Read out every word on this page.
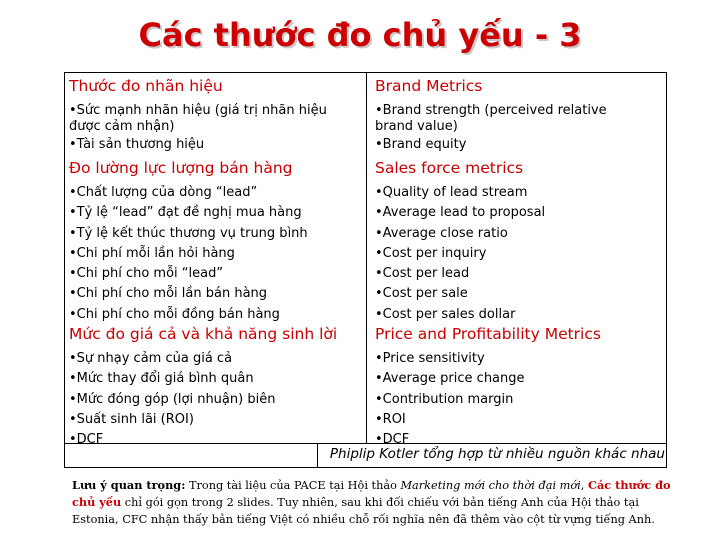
Các thước đo chủ yếu - 3
Thước đo nhãn hiệu
•Sức mạnh nhãn hiệu (giá trị nhãn hiệu
được cảm nhận)
•Tài sản thương hiệu
Đo lường lực lượng bán hàng
•Chất lượng của dòng “lead”
•Tỷ lệ “lead” đạt đề nghị mua hàng
•Tỷ lệ kết thúc thương vụ trung bình
•Chi phí mỗi lần hỏi hàng
•Chi phí cho mỗi “lead”
•Chi phí cho mỗi lần bán hàng
•Chi phí cho mỗi đồng bán hàng
Mức đo giá cả và khả năng sinh lời
•Sự nhạy cảm của giá cả
•Mức thay đổi giá bình quân
•Mức đóng góp (lợi nhuận) biên
•Suất sinh lãi (ROI)
•DCF
Brand Metrics
•Brand strength (perceived relative
brand value)
•Brand equity
Sales force metrics
•Quality of lead stream
•Average lead to proposal
•Average close ratio
•Cost per inquiry
•Cost per lead
•Cost per sale
•Cost per sales dollar
Price and Profitability Metrics
•Price sensitivity
•Average price change
•Contribution margin
•ROI
•DCF
Phiplip Kotler tổng hợp từ nhiều nguồn khác nhau
Lưu ý quan trọng: Trong tài liệu của PACE tại Hội thảo Marketing mới cho thời đại mới, Các thước đo chủ yếu chỉ gói gọn trong 2 slides. Tuy nhiên, sau khi đối chiếu với bản tiếng Anh của Hội thảo tại Estonia, CFC nhận thấy bản tiếng Việt có nhiều chỗ rối nghĩa nên đã thêm vào cột từ vựng tiếng Anh.
